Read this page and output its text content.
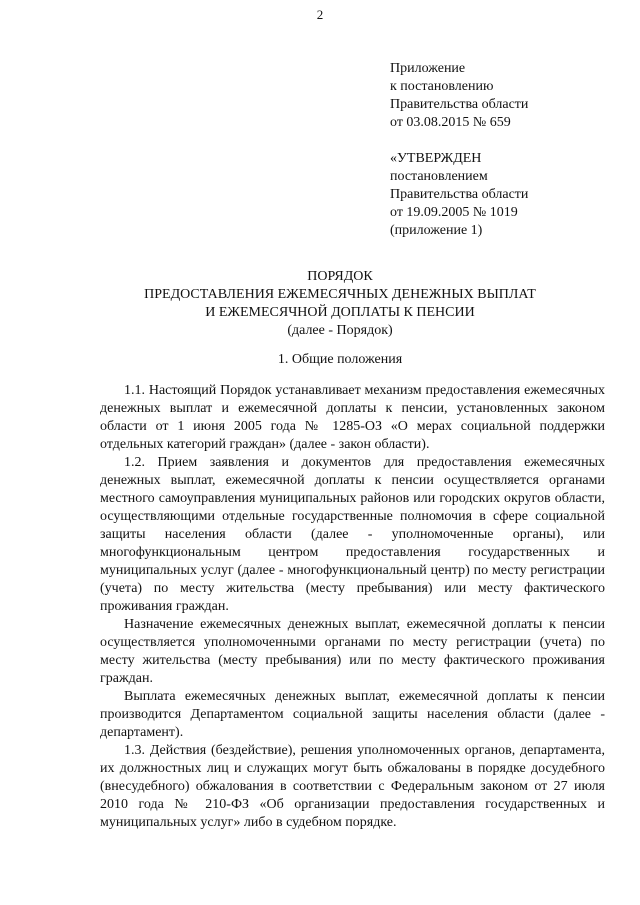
2
Приложение
к постановлению
Правительства области
от 03.08.2015 № 659
«УТВЕРЖДЕН
постановлением
Правительства области
от 19.09.2005 № 1019
(приложение 1)
ПОРЯДОК
ПРЕДОСТАВЛЕНИЯ ЕЖЕМЕСЯЧНЫХ ДЕНЕЖНЫХ ВЫПЛАТ
И ЕЖЕМЕСЯЧНОЙ ДОПЛАТЫ К ПЕНСИИ
(далее - Порядок)
1. Общие положения

1.1. Настоящий Порядок устанавливает механизм предоставления ежемесячных денежных выплат и ежемесячной доплаты к пенсии, установленных законом области от 1 июня 2005 года № 1285-ОЗ «О мерах социальной поддержки отдельных категорий граждан» (далее - закон области).

1.2. Прием заявления и документов для предоставления ежемесячных денежных выплат, ежемесячной доплаты к пенсии осуществляется органами местного самоуправления муниципальных районов или городских округов области, осуществляющими отдельные государственные полномочия в сфере социальной защиты населения области (далее - уполномоченные органы), или многофункциональным центром предоставления государственных и муниципальных услуг (далее - многофункциональный центр) по месту регистрации (учета) по месту жительства (месту пребывания) или месту фактического проживания граждан.

Назначение ежемесячных денежных выплат, ежемесячной доплаты к пенсии осуществляется уполномоченными органами по месту регистрации (учета) по месту жительства (месту пребывания) или по месту фактического проживания граждан.

Выплата ежемесячных денежных выплат, ежемесячной доплаты к пенсии производится Департаментом социальной защиты населения области (далее - департамент).

1.3. Действия (бездействие), решения уполномоченных органов, департамента, их должностных лиц и служащих могут быть обжалованы в порядке досудебного (внесудебного) обжалования в соответствии с Федеральным законом от 27 июля 2010 года № 210-ФЗ «Об организации предоставления государственных и муниципальных услуг» либо в судебном порядке.
